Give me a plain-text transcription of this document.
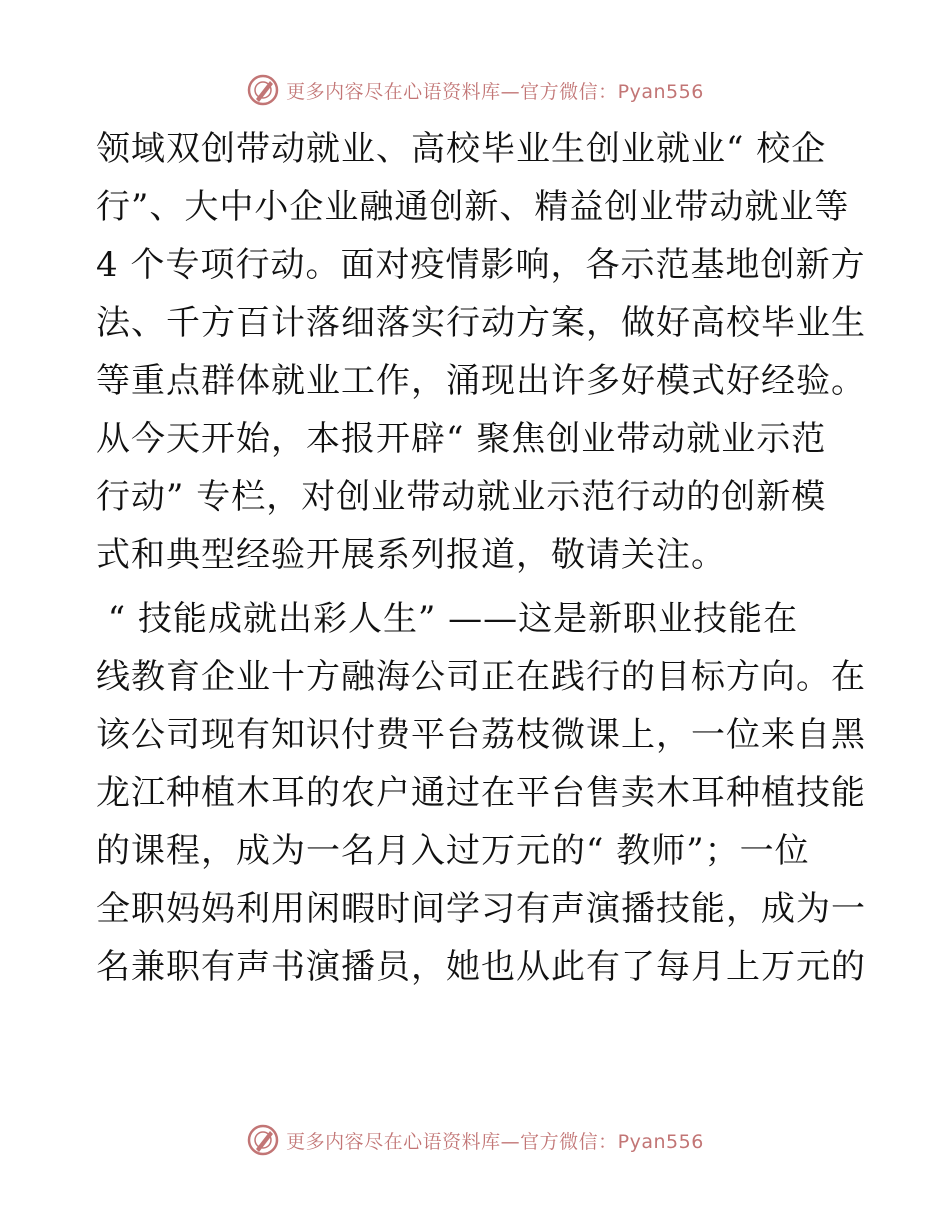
更多内容尽在心语资料库—官方微信：Pyan556
领域双创带动就业、高校毕业生创业就业“ 校企
行”、大中小企业融通创新、精益创业带动就业等
4 个专项行动。面对疫情影响，各示范基地创新方
法、千方百计落细落实行动方案，做好高校毕业生
等重点群体就业工作，涌现出许多好模式好经验。
从今天开始，本报开辟“ 聚焦创业带动就业示范
行动” 专栏，对创业带动就业示范行动的创新模
式和典型经验开展系列报道，敬请关注。
“ 技能成就出彩人生” ——这是新职业技能在
线教育企业十方融海公司正在践行的目标方向。在
该公司现有知识付费平台荔枝微课上，一位来自黑
龙江种植木耳的农户通过在平台售卖木耳种植技能
的课程，成为一名月入过万元的“ 教师”；一位
全职妈妈利用闲暇时间学习有声演播技能，成为一
名兼职有声书演播员，她也从此有了每月上万元的
更多内容尽在心语资料库—官方微信：Pyan556
